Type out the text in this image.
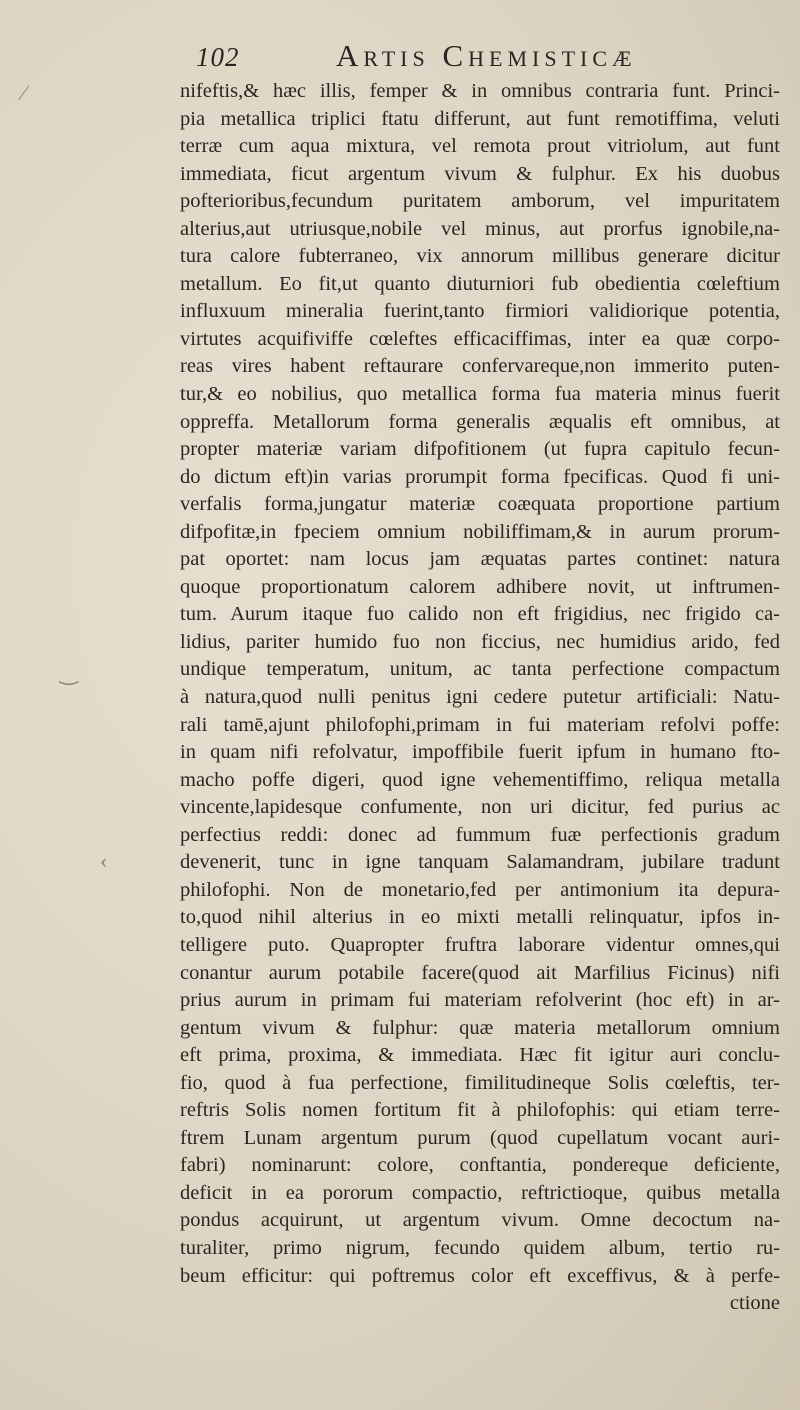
102	Artis Chemisticæ
nifeftis,& hæc illis, femper & in omnibus contraria funt. Princi-
pia metallica triplici ftatu differunt, aut funt remotiffima, veluti
terræ cum aqua mixtura, vel remota prout vitriolum, aut funt
immediata, ficut argentum vivum & fulphur. Ex his duobus
pofterioribus,fecundum puritatem amborum, vel impuritatem
alterius,aut utriusque,nobile vel minus, aut prorfus ignobile,na-
tura calore fubterraneo, vix annorum millibus generare dicitur
metallum. Eo fit,ut quanto diuturniori fub obedientia cœleftium
influxuum mineralia fuerint,tanto firmiori validiorique potentia,
virtutes acquifiviffe cœleftes efficaciffimas, inter ea quæ corpo-
reas vires habent reftaurare confervareque,non immerito puten-
tur,& eo nobilius, quo metallica forma fua materia minus fuerit
oppreffa. Metallorum forma generalis æqualis eft omnibus, at
propter materiæ variam difpofitionem (ut fupra capitulo fecun-
do dictum eft)in varias prorumpit forma fpecificas. Quod fi uni-
verfalis forma,jungatur materiæ coæquata proportione partium
difpofitæ,in fpeciem omnium nobiliffimam,& in aurum prorum-
pat oportet: nam locus jam æquatas partes continet: natura
quoque proportionatum calorem adhibere novit, ut inftrumen-
tum. Aurum itaque fuo calido non eft frigidius, nec frigido ca-
lidius, pariter humido fuo non ficcius, nec humidius arido, fed
undique temperatum, unitum, ac tanta perfectione compactum
à natura,quod nulli penitus igni cedere putetur artificiali: Natu-
rali tamē,ajunt philofophi,primam in fui materiam refolvi poffe:
in quam nifi refolvatur, impoffibile fuerit ipfum in humano fto-
macho poffe digeri, quod igne vehementiffimo, reliqua metalla
vincente,lapidesque confumente, non uri dicitur, fed purius ac
perfectius reddi: donec ad fummum fuæ perfectionis gradum
devenerit, tunc in igne tanquam Salamandram, jubilare tradunt
philofophi. Non de monetario,fed per antimonium ita depura-
to,quod nihil alterius in eo mixti metalli relinquatur, ipfos in-
telligere puto. Quapropter fruftra laborare videntur omnes,qui
conantur aurum potabile facere(quod ait Marfilius Ficinus) nifi
prius aurum in primam fui materiam refolverint (hoc eft) in ar-
gentum vivum & fulphur: quæ materia metallorum omnium
eft prima, proxima, & immediata. Hæc fit igitur auri conclu-
fio, quod à fua perfectione, fimilitudineque Solis cœleftis, ter-
reftris Solis nomen fortitum fit à philofophis: qui etiam terre-
ftrem Lunam argentum purum (quod cupellatum vocant auri-
fabri) nominarunt: colore, conftantia, pondereque deficiente,
deficit in ea pororum compactio, reftrictioque, quibus metalla
pondus acquirunt, ut argentum vivum. Omne decoctum na-
turaliter, primo nigrum, fecundo quidem album, tertio ru-
beum efficitur: qui poftremus color eft exceffivus, & à perfe-
ctione
⁄
‿
‹
